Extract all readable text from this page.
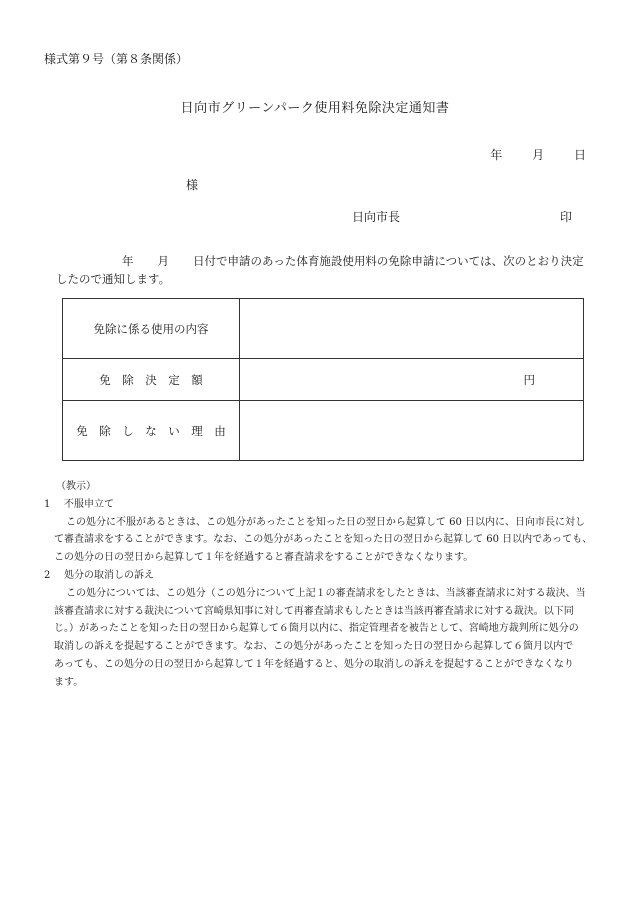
様式第９号（第８条関係）
日向市グリーンパーク使用料免除決定通知書
年 月 日
様
日向市長	印
年 月 日付で申請のあった体育施設使用料の免除申請については、次のとおり決定
したので通知します。
免除に係る使用の内容	
免　除　決　定　額	円
免　除　し　な　い　理　由	
（教示）
1 不服申立て
この処分に不服があるときは、この処分があったことを知った日の翌日から起算して 60 日以内に、日向市長に対し
て審査請求をすることができます。なお、この処分があったことを知った日の翌日から起算して 60 日以内であっても、
この処分の日の翌日から起算して１年を経過すると審査請求をすることができなくなります。
2 処分の取消しの訴え
この処分については、この処分（この処分について上記１の審査請求をしたときは、当該審査請求に対する裁決、当
該審査請求に対する裁決について宮崎県知事に対して再審査請求もしたときは当該再審査請求に対する裁決。以下同
じ。）があったことを知った日の翌日から起算して６箇月以内に、指定管理者を被告として、宮崎地方裁判所に処分の
取消しの訴えを提起することができます。なお、この処分があったことを知った日の翌日から起算して６箇月以内で
あっても、この処分の日の翌日から起算して１年を経過すると、処分の取消しの訴えを提起することができなくなり
ます。
